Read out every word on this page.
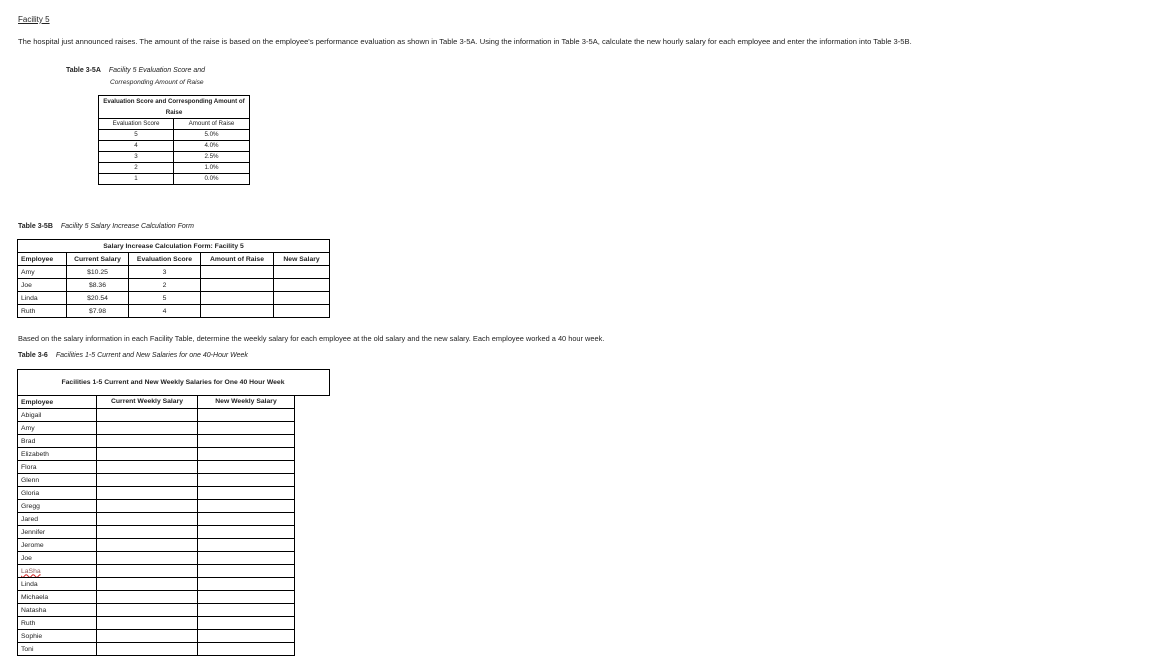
Facility 5
The hospital just announced raises. The amount of the raise is based on the employee's performance evaluation as shown in Table 3-5A. Using the information in Table 3-5A, calculate the new hourly salary for each employee and enter the information into Table 3-5B.
Table 3-5A Facility 5 Evaluation Score and
Corresponding Amount of Raise
Evaluation Score and Corresponding Amount of Raise	
Evaluation Score	Amount of Raise
5	5.0%
4	4.0%
3	2.5%
2	1.0%
1	0.0%
Table 3-5B Facility 5 Salary Increase Calculation Form
Salary Increase Calculation Form: Facility 5				
Employee	Current Salary	Evaluation Score	Amount of Raise	New Salary
Amy	$10.25	3		
Joe	$8.36	2		
Linda	$20.54	5		
Ruth	$7.98	4		
Based on the salary information in each Facility Table, determine the weekly salary for each employee at the old salary and the new salary. Each employee worked a 40 hour week.
Table 3-6 Facilities 1-5 Current and New Salaries for one 40-Hour Week
Facilities 1-5 Current and New Weekly Salaries for One 40 Hour Week
Employee	Current Weekly Salary	New Weekly Salary
Abigail		
Amy		
Brad		
Elizabeth		
Flora		
Glenn		
Gloria		
Gregg		
Jared		
Jennifer		
Jerome		
Joe		
LaSha		
Linda		
Michaela		
Natasha		
Ruth		
Sophie		
Toni		
